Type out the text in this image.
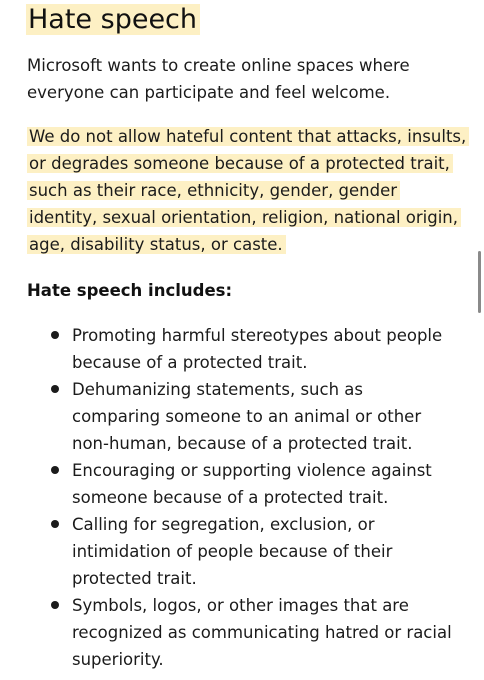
Hate speech

Microsoft wants to create online spaces where everyone can participate and feel welcome.

We do not allow hateful content that attacks, insults, or degrades someone because of a protected trait, such as their race, ethnicity, gender, gender identity, sexual orientation, religion, national origin, age, disability status, or caste.

Hate speech includes:

Promoting harmful stereotypes about people because of a protected trait.
Dehumanizing statements, such as comparing someone to an animal or other non-human, because of a protected trait.
Encouraging or supporting violence against someone because of a protected trait.
Calling for segregation, exclusion, or intimidation of people because of their protected trait.
Symbols, logos, or other images that are recognized as communicating hatred or racial superiority.
